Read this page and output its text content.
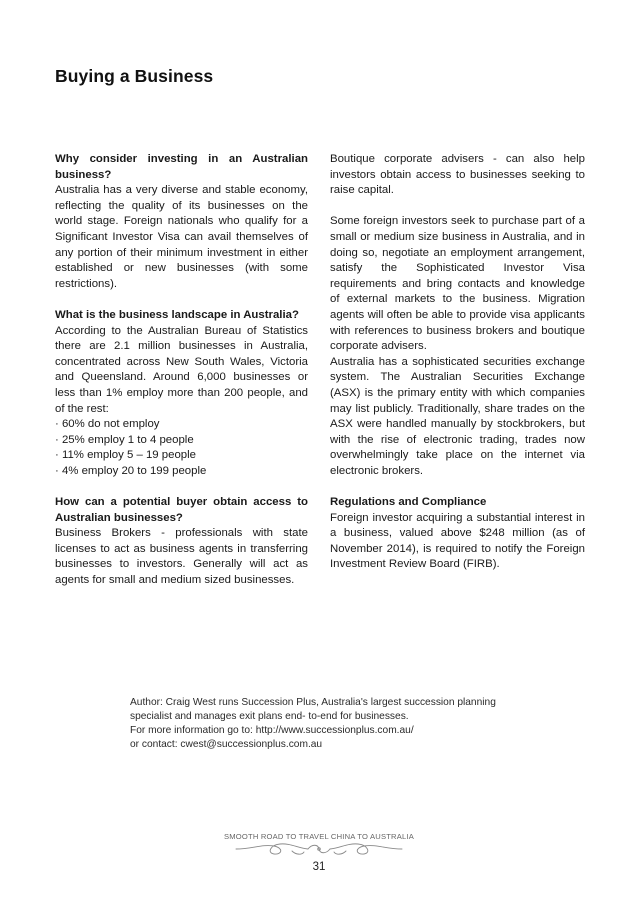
Buying a Business
Why consider investing in an Australian business?

Australia has a very diverse and stable economy, reflecting the quality of its businesses on the world stage. Foreign nationals who qualify for a Significant Investor Visa can avail themselves of any portion of their minimum investment in either established or new businesses (with some restrictions).

What is the business landscape in Australia?

According to the Australian Bureau of Statistics there are 2.1 million businesses in Australia, concentrated across New South Wales, Victoria and Queensland. Around 6,000 businesses or less than 1% employ more than 200 people, and of the rest:

· 60% do not employ
· 25% employ 1 to 4 people
· 11% employ 5 – 19 people
· 4% employ 20 to 199 people
How can a potential buyer obtain access to Australian businesses?

Business Brokers - professionals with state licenses to act as business agents in transferring businesses to investors. Generally will act as agents for small and medium sized businesses.

Boutique corporate advisers - can also help investors obtain access to businesses seeking to raise capital.

Some foreign investors seek to purchase part of a small or medium size business in Australia, and in doing so, negotiate an employment arrangement, satisfy the Sophisticated Investor Visa requirements and bring contacts and knowledge of external markets to the business. Migration agents will often be able to provide visa applicants with references to business brokers and boutique corporate advisers.

Australia has a sophisticated securities exchange system. The Australian Securities Exchange (ASX) is the primary entity with which companies may list publicly. Traditionally, share trades on the ASX were handled manually by stockbrokers, but with the rise of electronic trading, trades now overwhelmingly take place on the internet via electronic brokers.

Regulations and Compliance

Foreign investor acquiring a substantial interest in a business, valued above $248 million (as of November 2014), is required to notify the Foreign Investment Review Board (FIRB).

Author: Craig West runs Succession Plus, Australia's largest succession planning
specialist and manages exit plans end- to-end for businesses.
For more information go to: http://www.successionplus.com.au/
or contact: cwest@successionplus.com.au
SMOOTH ROAD TO TRAVEL CHINA TO AUSTRALIA
31
